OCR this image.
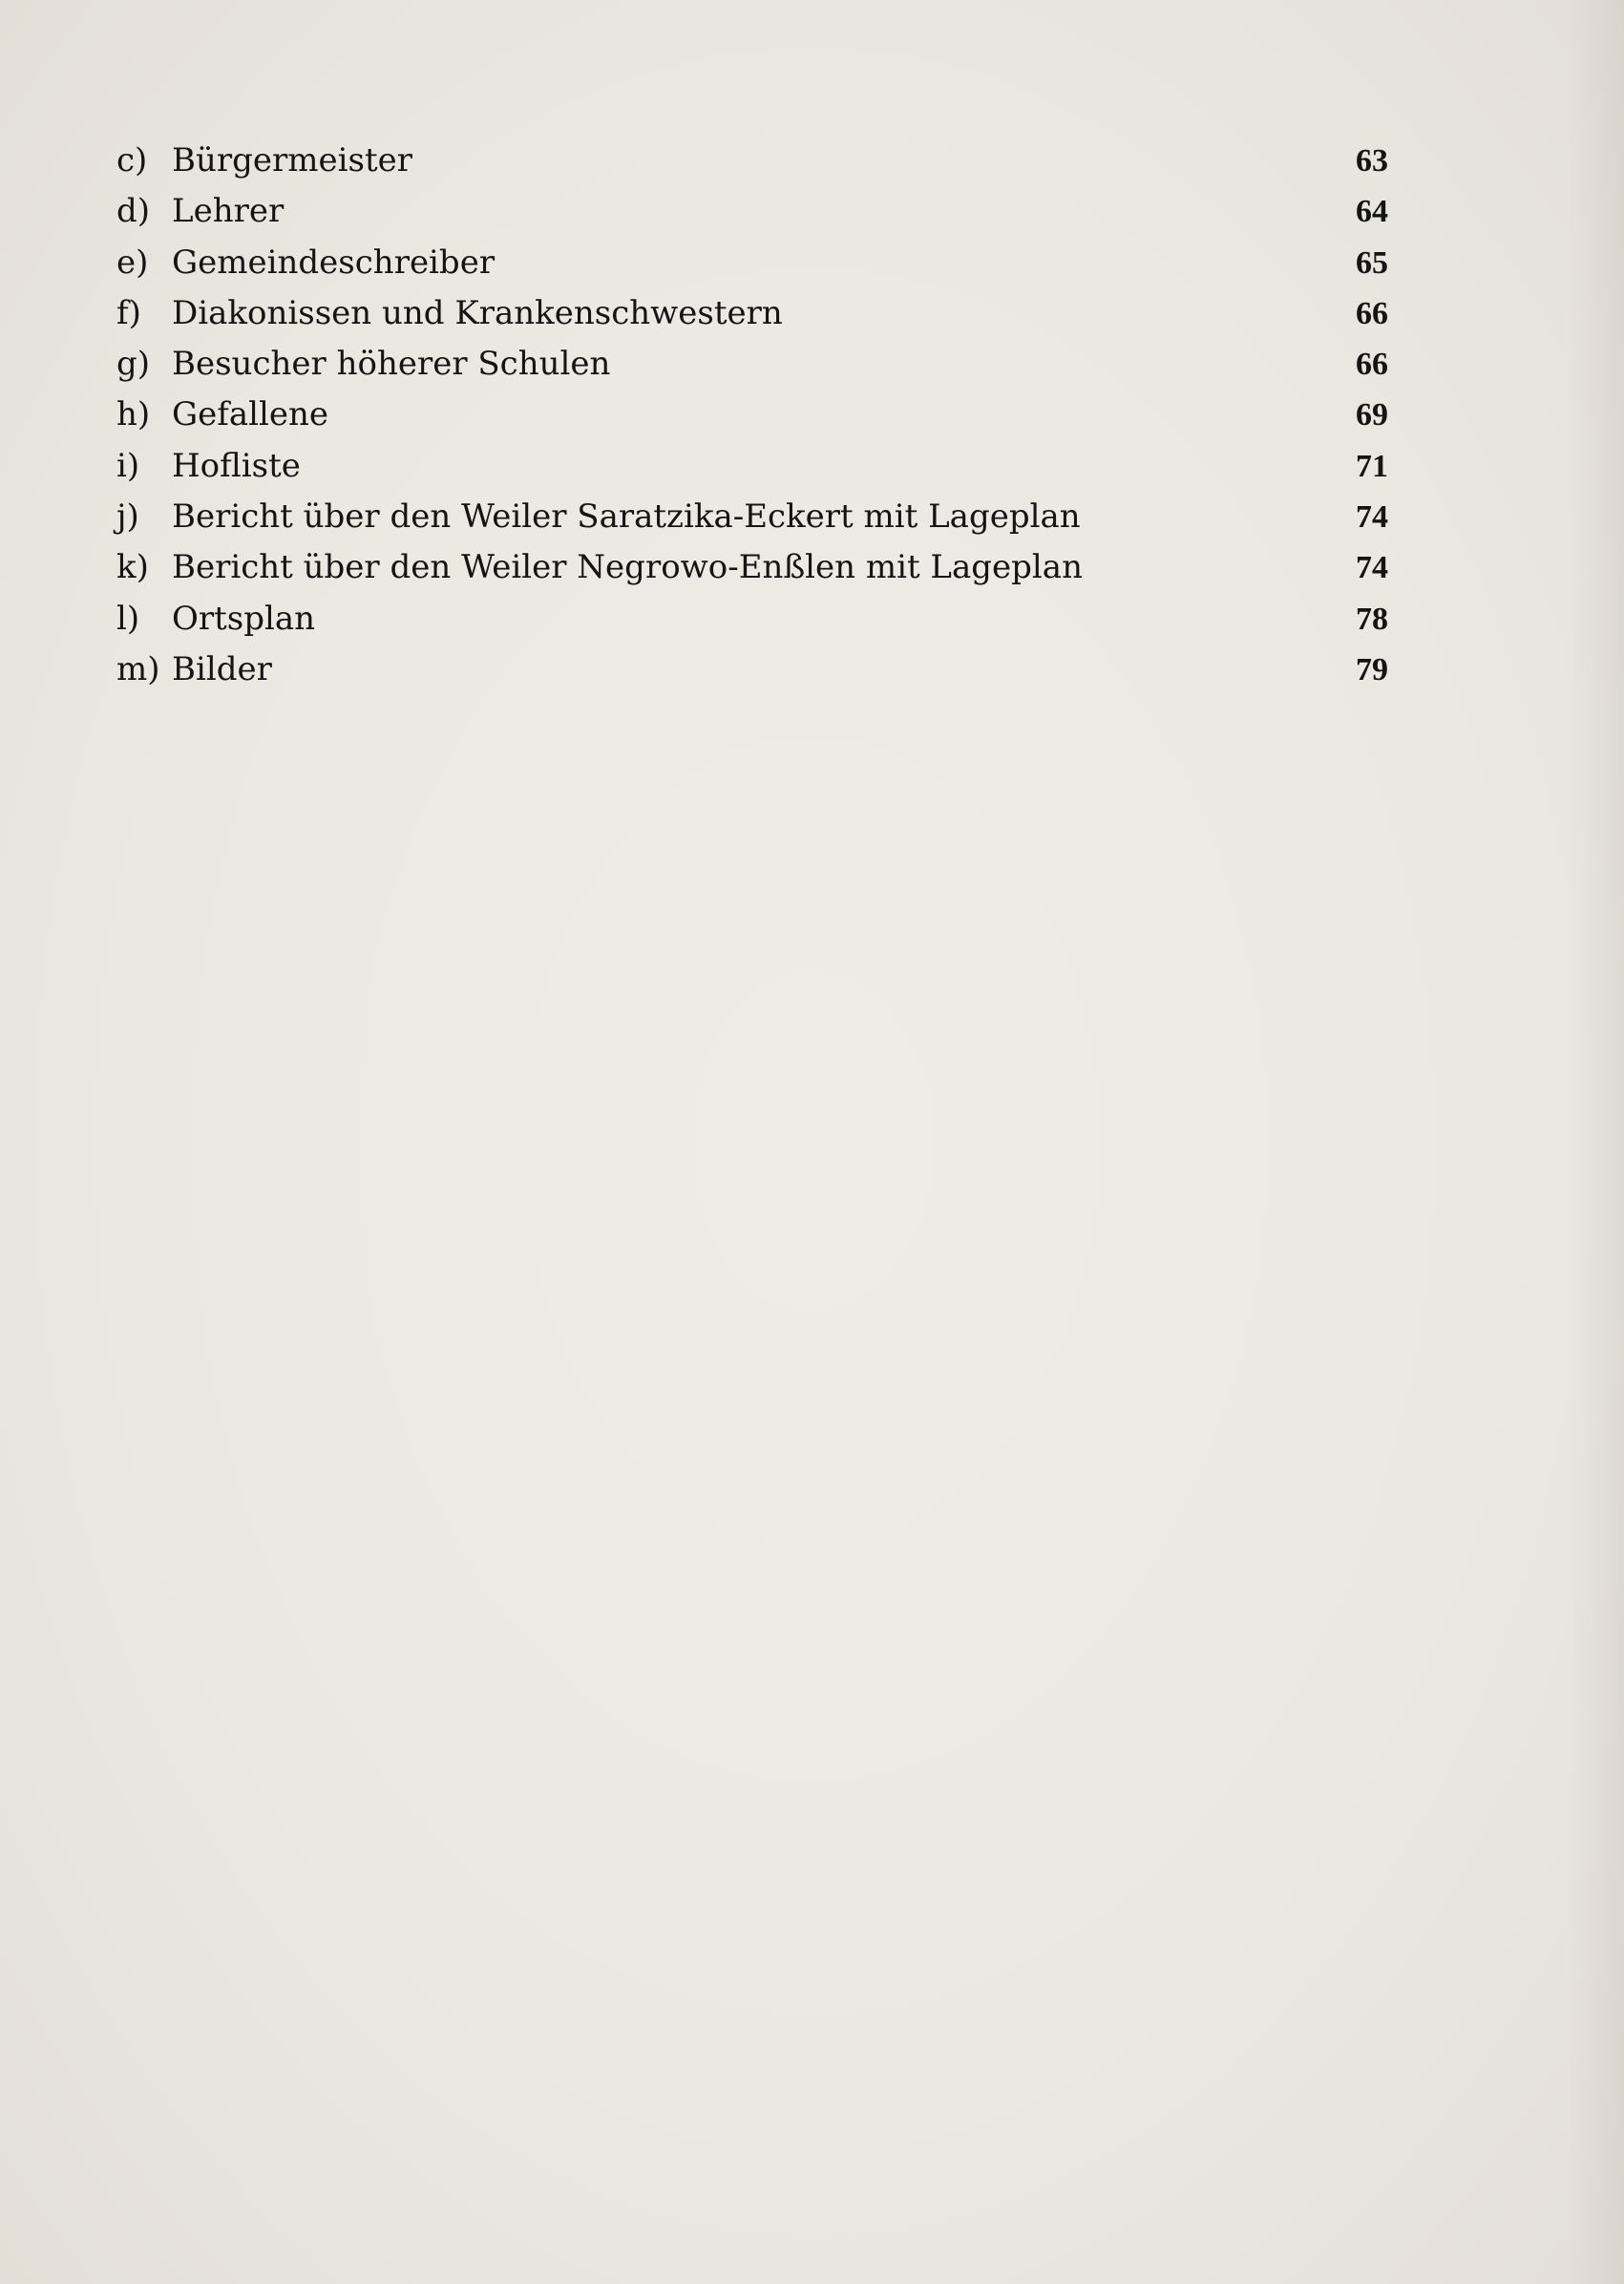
c) Bürgermeister	63
d) Lehrer	64
e) Gemeindeschreiber	65
f) Diakonissen und Krankenschwestern	66
g) Besucher höherer Schulen	66
h) Gefallene	69
i) Hofliste	71
j) Bericht über den Weiler Saratzika-Eckert mit Lageplan	74
k) Bericht über den Weiler Negrowo-Enßlen mit Lageplan	74
l) Ortsplan	78
m) Bilder	79
